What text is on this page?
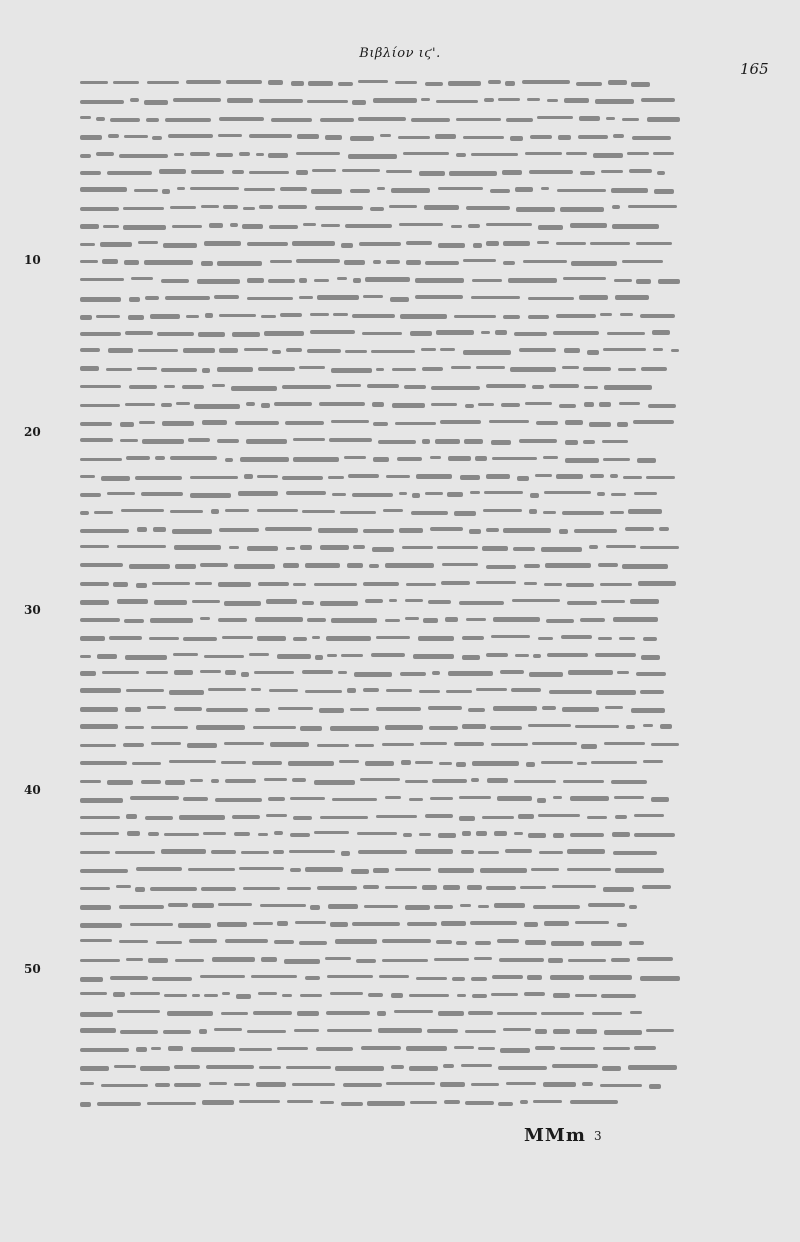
Βιβλίον ιϛ'.
165
10
20
30
40
50
MMm 3
